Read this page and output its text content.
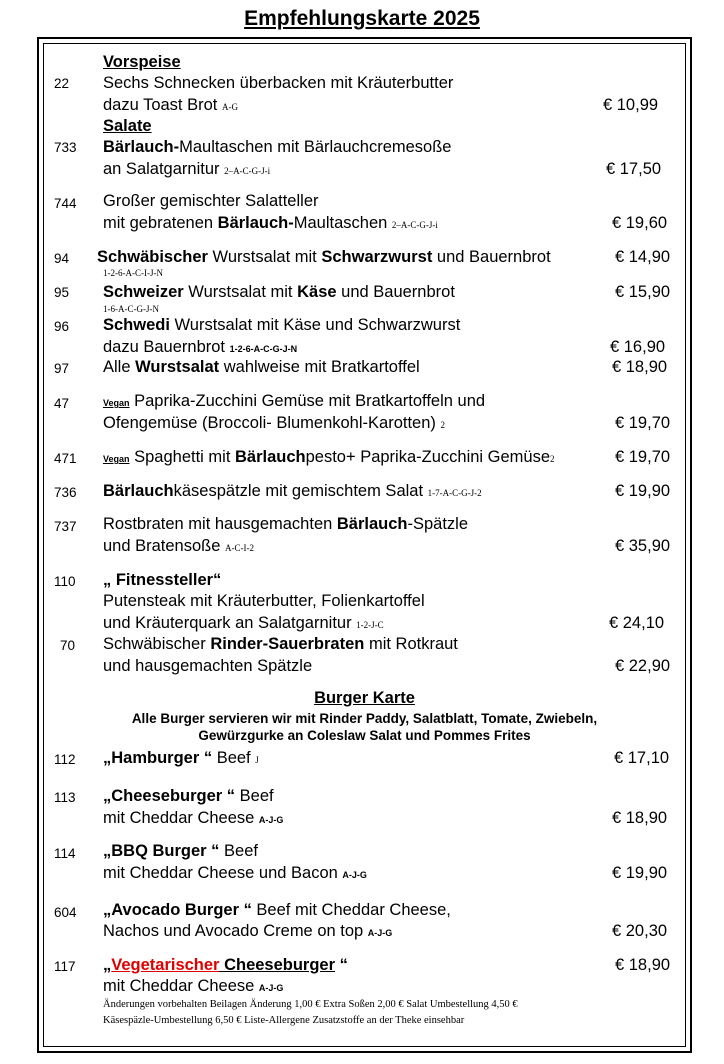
Empfehlungskarte 2025
Vorspeise
22 Sechs Schnecken überbacken mit Kräuterbutter
dazu Toast Brot A-G	€ 10,99
Salate
733 Bärlauch-Maultaschen mit Bärlauchcremesoße
an Salatgarnitur 2–A-C-G-J-i	€ 17,50
744 Großer gemischter Salatteller
mit gebratenen Bärlauch-Maultaschen 2–A-C-G-J-i	€ 19,60
94 Schwäbischer Wurstsalat mit Schwarzwurst und Bauernbrot	€ 14,90
1-2-6-A-C-I-J-N
95 Schweizer Wurstsalat mit Käse und Bauernbrot	€ 15,90
1-6-A-C-G-J-N
96 Schwedi Wurstsalat mit Käse und Schwarzwurst
dazu Bauernbrot 1-2-6-A-C-G-J-N	€ 16,90
97 Alle Wurstsalat wahlweise mit Bratkartoffel	€ 18,90
47	Vegan Paprika-Zucchini Gemüse mit Bratkartoffeln und
Ofengemüse (Broccoli- Blumenkohl-Karotten) 2	€ 19,70
471	Vegan Spaghetti mit Bärlauchpesto+ Paprika-Zucchini Gemüse2	€ 19,70
736 Bärlauchkäsespätzle mit gemischtem Salat 1-7-A-C-G-J-2	€ 19,90
737 Rostbraten mit hausgemachten Bärlauch-Spätzle
und Bratensoße A-C-I-2	€ 35,90
110 „ Fitnessteller“
Putensteak mit Kräuterbutter, Folienkartoffel
und Kräuterquark an Salatgarnitur 1-2-J-C	€ 24,10
70 Schwäbischer Rinder-Sauerbraten mit Rotkraut
und hausgemachten Spätzle	€ 22,90
Burger Karte
Alle Burger servieren wir mit Rinder Paddy, Salatblatt, Tomate, Zwiebeln,
Gewürzgurke an Coleslaw Salat und Pommes Frites
112 „Hamburger “ Beef J	€ 17,10
113 „Cheeseburger “ Beef
mit Cheddar Cheese A-J-G	€ 18,90
114 „BBQ Burger “ Beef
mit Cheddar Cheese und Bacon A-J-G	€ 19,90
604 „Avocado Burger “ Beef mit Cheddar Cheese,
Nachos und Avocado Creme on top A-J-G	€ 20,30
117 „Vegetarischer Cheeseburger “	€ 18,90
mit Cheddar Cheese A-J-G
Änderungen vorbehalten Beilagen Änderung 1,00 € Extra Soßen 2,00 € Salat Umbestellung 4,50 €
Käsespäzle-Umbestellung 6,50 € Liste-Allergene Zusatzstoffe an der Theke einsehbar
